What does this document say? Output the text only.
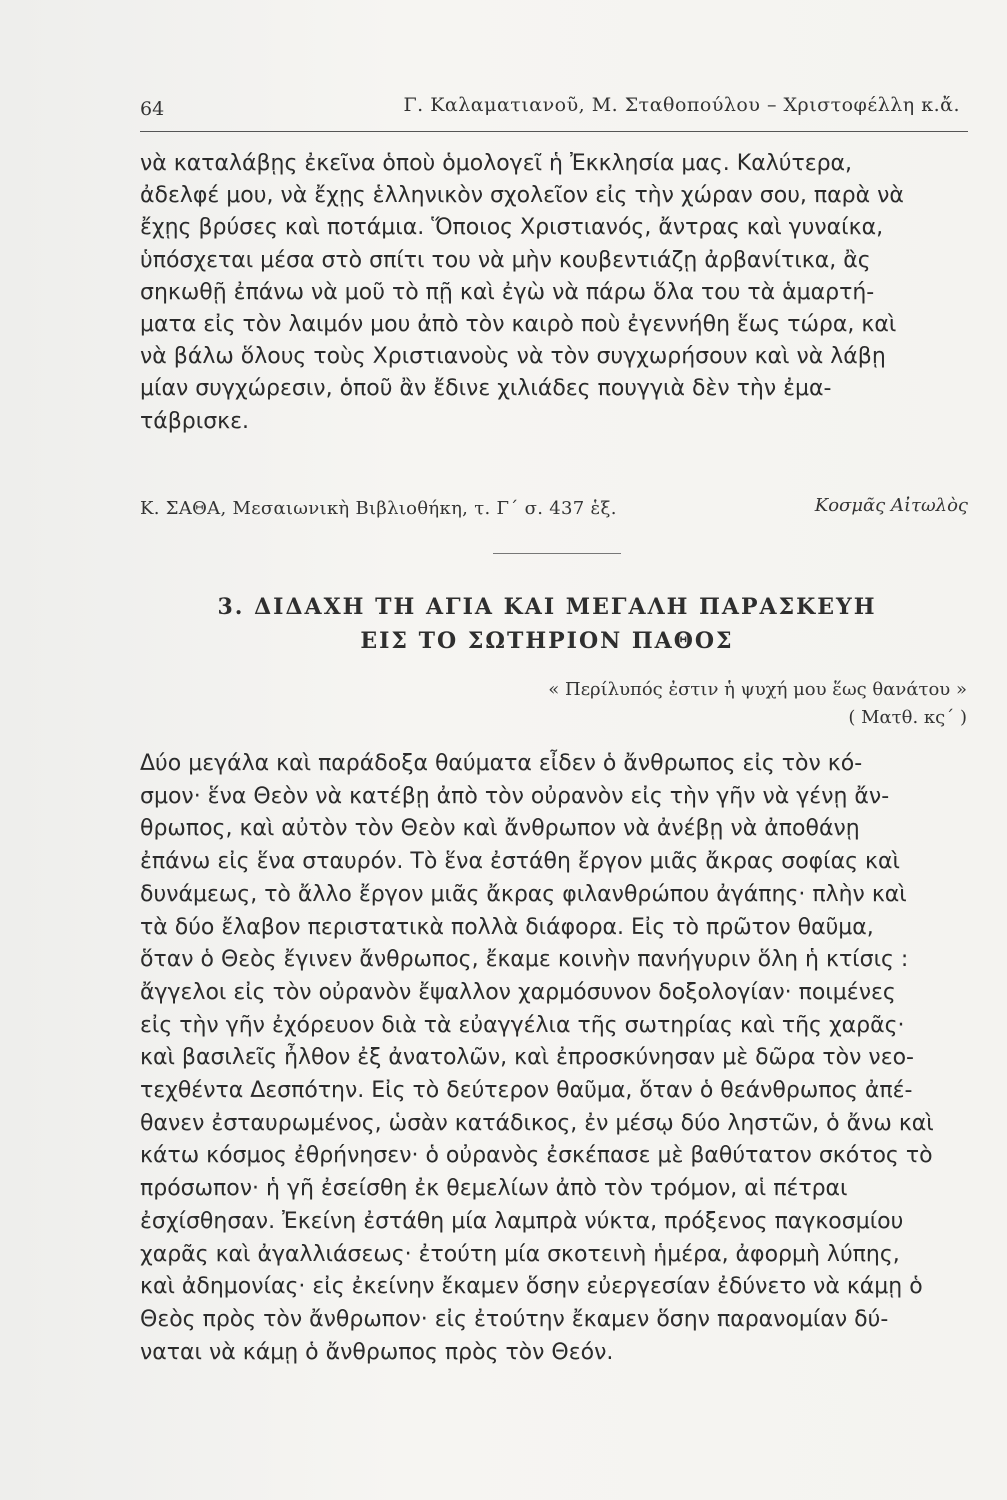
64	Γ. Καλαματιανοῦ, Μ. Σταθοπούλου – Χριστοφέλλη κ.ἄ.

νὰ καταλάβῃς ἐκεῖνα ὁποὺ ὁμολογεῖ ἡ Ἐκκλησία μας. Καλύτερα,
ἀδελφέ μου, νὰ ἔχῃς ἑλληνικὸν σχολεῖον εἰς τὴν χώραν σου, παρὰ νὰ
ἔχῃς βρύσες καὶ ποτάμια. Ὅποιος Χριστιανός, ἄντρας καὶ γυναίκα,
ὑπόσχεται μέσα στὸ σπίτι του νὰ μὴν κουβεντιάζῃ ἀρβανίτικα, ἂς
σηκωθῇ ἐπάνω νὰ μοῦ τὸ πῇ καὶ ἐγὼ νὰ πάρω ὅλα του τὰ ἁμαρτή-
ματα εἰς τὸν λαιμόν μου ἀπὸ τὸν καιρὸ ποὺ ἐγεννήθη ἕως τώρα, καὶ
νὰ βάλω ὅλους τοὺς Χριστιανοὺς νὰ τὸν συγχωρήσουν καὶ νὰ λάβῃ
μίαν συγχώρεσιν, ὁποῦ ἂν ἔδινε χιλιάδες πουγγιὰ δὲν τὴν ἐμα-
τάβρισκε.

Κ. ΣΑΘΑ, Μεσαιωνικὴ Βιβλιοθήκη, τ. Γ΄ σ. 437 ἑξ.	Κοσμᾶς Αἰτωλὸς
3. ΔΙΔΑΧΗ ΤΗ ΑΓΙΑ ΚΑΙ ΜΕΓΑΛΗ ΠΑΡΑΣΚΕΥΗ
ΕΙΣ ΤΟ ΣΩΤΗΡΙΟΝ ΠΑΘΟΣ
« Περίλυπός ἐστιν ἡ ψυχή μου ἕως θανάτου »
( Ματθ. κς΄ )

Δύο μεγάλα καὶ παράδοξα θαύματα εἶδεν ὁ ἄνθρωπος εἰς τὸν κό-
σμον· ἕνα Θεὸν νὰ κατέβῃ ἀπὸ τὸν οὐρανὸν εἰς τὴν γῆν νὰ γένῃ ἄν-
θρωπος, καὶ αὐτὸν τὸν Θεὸν καὶ ἄνθρωπον νὰ ἀνέβῃ νὰ ἀποθάνῃ
ἐπάνω εἰς ἕνα σταυρόν. Τὸ ἕνα ἐστάθη ἔργον μιᾶς ἄκρας σοφίας καὶ
δυνάμεως, τὸ ἄλλο ἔργον μιᾶς ἄκρας φιλανθρώπου ἀγάπης· πλὴν καὶ
τὰ δύο ἔλαβον περιστατικὰ πολλὰ διάφορα. Εἰς τὸ πρῶτον θαῦμα,
ὅταν ὁ Θεὸς ἔγινεν ἄνθρωπος, ἔκαμε κοινὴν πανήγυριν ὅλη ἡ κτίσις :
ἄγγελοι εἰς τὸν οὐρανὸν ἔψαλλον χαρμόσυνον δοξολογίαν· ποιμένες
εἰς τὴν γῆν ἐχόρευον διὰ τὰ εὐαγγέλια τῆς σωτηρίας καὶ τῆς χαρᾶς·
καὶ βασιλεῖς ἦλθον ἐξ ἀνατολῶν, καὶ ἐπροσκύνησαν μὲ δῶρα τὸν νεο-
τεχθέντα Δεσπότην. Εἰς τὸ δεύτερον θαῦμα, ὅταν ὁ θεάνθρωπος ἀπέ-
θανεν ἐσταυρωμένος, ὡσὰν κατάδικος, ἐν μέσῳ δύο ληστῶν, ὁ ἄνω καὶ
κάτω κόσμος ἐθρήνησεν· ὁ οὐρανὸς ἐσκέπασε μὲ βαθύτατον σκότος τὸ
πρόσωπον· ἡ γῆ ἐσείσθη ἐκ θεμελίων ἀπὸ τὸν τρόμον, αἱ πέτραι
ἐσχίσθησαν. Ἐκείνη ἐστάθη μία λαμπρὰ νύκτα, πρόξενος παγκοσμίου
χαρᾶς καὶ ἀγαλλιάσεως· ἐτούτη μία σκοτεινὴ ἡμέρα, ἀφορμὴ λύπης,
καὶ ἀδημονίας· εἰς ἐκείνην ἔκαμεν ὅσην εὐεργεσίαν ἐδύνετο νὰ κάμῃ ὁ
Θεὸς πρὸς τὸν ἄνθρωπον· εἰς ἐτούτην ἔκαμεν ὅσην παρανομίαν δύ-
ναται νὰ κάμῃ ὁ ἄνθρωπος πρὸς τὸν Θεόν.
